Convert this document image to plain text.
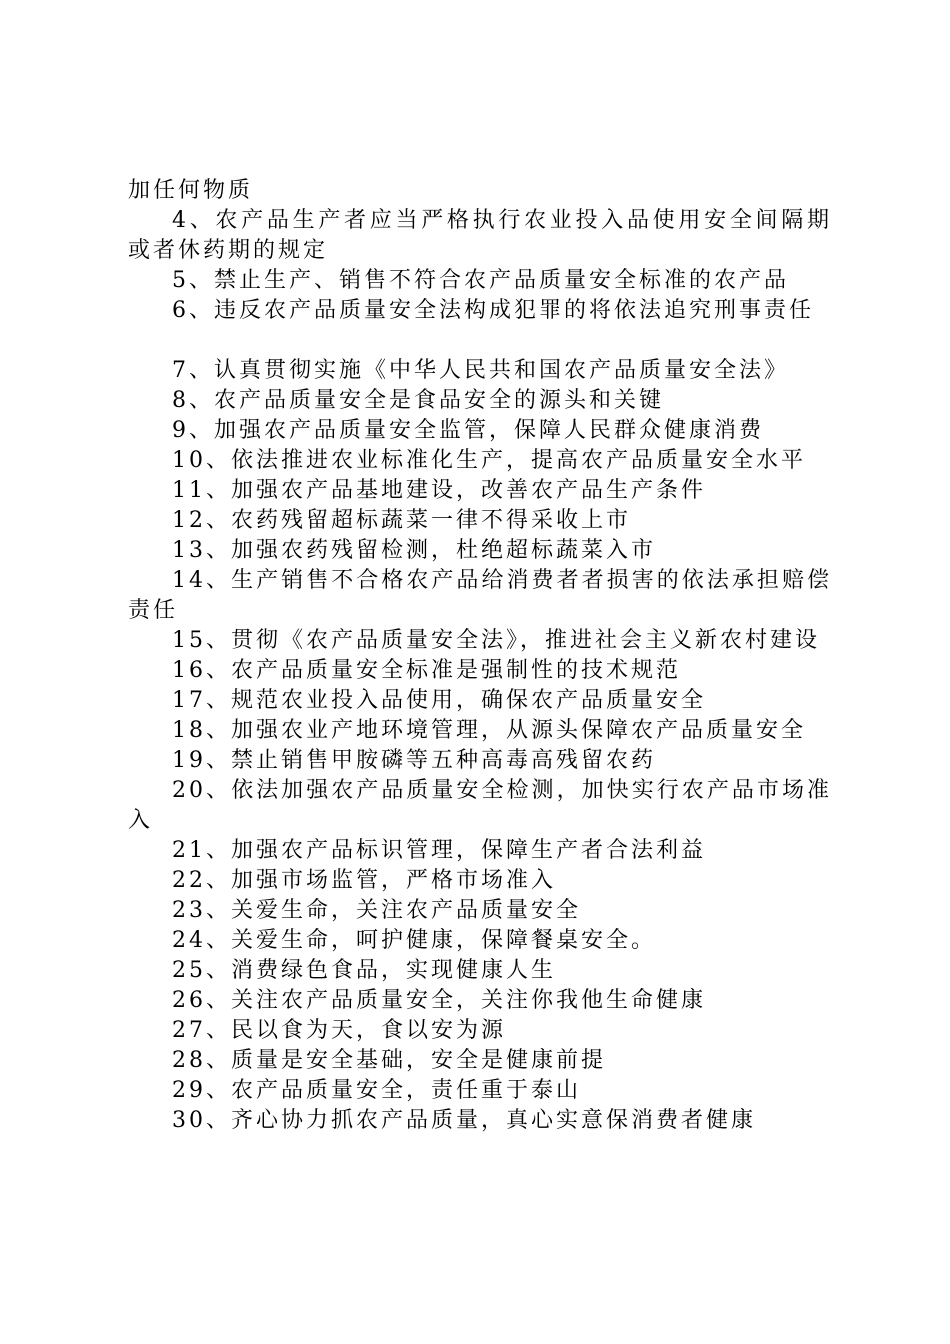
加任何物质

4、农产品生产者应当严格执行农业投入品使用安全间隔期或者休药期的规定

5、禁止生产、销售不符合农产品质量安全标准的农产品

6、违反农产品质量安全法构成犯罪的将依法追究刑事责任

7、认真贯彻实施《中华人民共和国农产品质量安全法》

8、农产品质量安全是食品安全的源头和关键

9、加强农产品质量安全监管，保障人民群众健康消费

10、依法推进农业标准化生产，提高农产品质量安全水平

11、加强农产品基地建设，改善农产品生产条件

12、农药残留超标蔬菜一律不得采收上市

13、加强农药残留检测，杜绝超标蔬菜入市

14、生产销售不合格农产品给消费者者损害的依法承担赔偿责任

15、贯彻《农产品质量安全法》，推进社会主义新农村建设

16、农产品质量安全标准是强制性的技术规范

17、规范农业投入品使用，确保农产品质量安全

18、加强农业产地环境管理，从源头保障农产品质量安全

19、禁止销售甲胺磷等五种高毒高残留农药

20、依法加强农产品质量安全检测，加快实行农产品市场准入

21、加强农产品标识管理，保障生产者合法利益

22、加强市场监管，严格市场准入

23、关爱生命，关注农产品质量安全

24、关爱生命，呵护健康，保障餐桌安全。

25、消费绿色食品，实现健康人生

26、关注农产品质量安全，关注你我他生命健康

27、民以食为天，食以安为源

28、质量是安全基础，安全是健康前提

29、农产品质量安全，责任重于泰山

30、齐心协力抓农产品质量，真心实意保消费者健康
